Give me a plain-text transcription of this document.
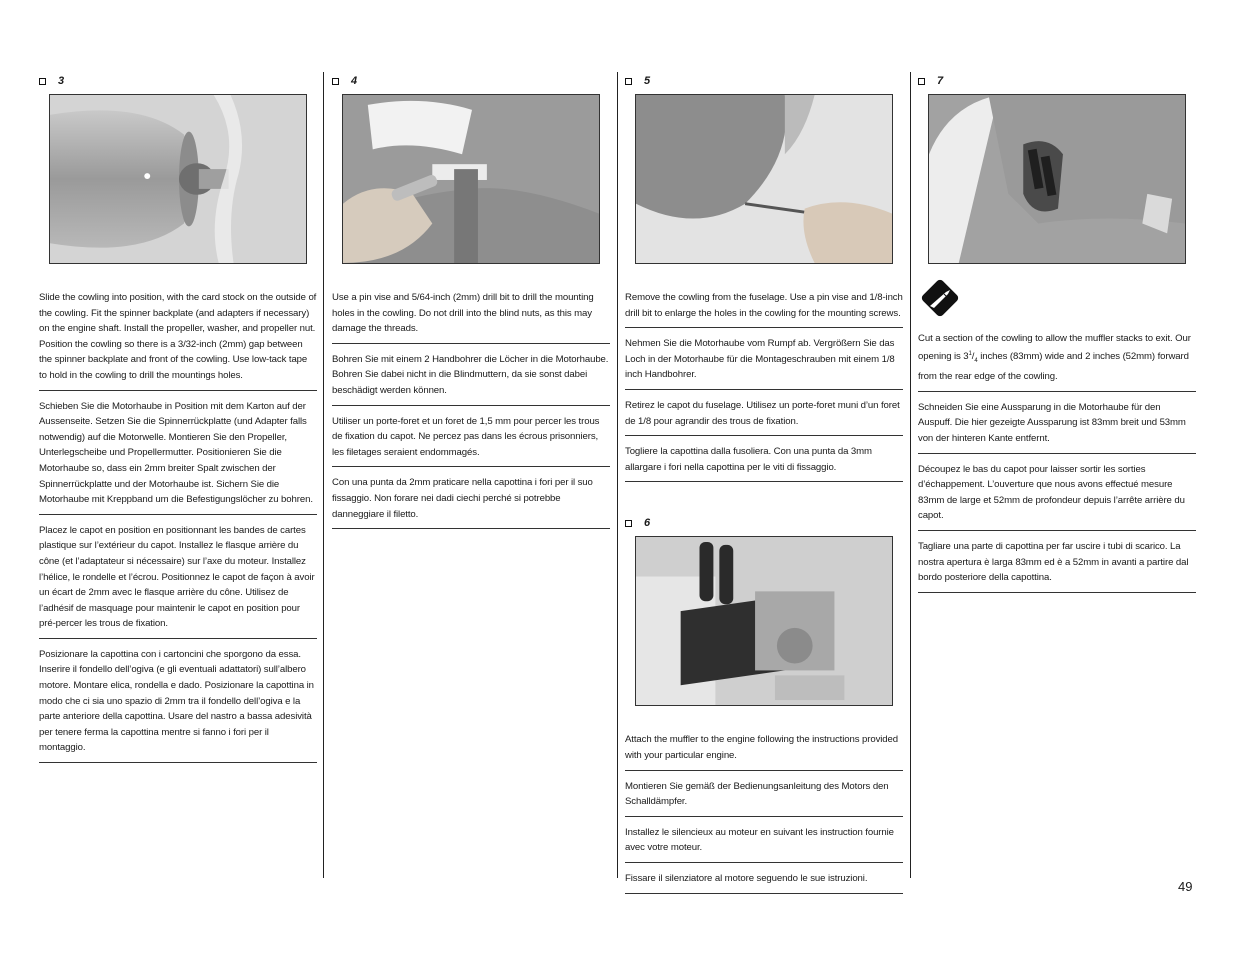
3
Slide the cowling into position, with the card stock on the outside of the cowling. Fit the spinner backplate (and adapters if necessary) on the engine shaft. Install the propeller, washer, and propeller nut. Position the cowling so there is a 3/32-inch (2mm) gap between the spinner backplate and front of the cowling. Use low-tack tape to hold in the cowling to drill the mountings holes.
Schieben Sie die Motorhaube in Position mit dem Karton auf der Aussenseite. Setzen Sie die Spinnerrückplatte (und Adapter falls notwendig) auf die Motorwelle. Montieren Sie den Propeller, Unterlegscheibe und Propellermutter. Positionieren Sie die Motorhaube so, dass ein 2mm breiter Spalt zwischen der Spinnerrückplatte und der Motorhaube ist. Sichern Sie die Motorhaube mit Kreppband um die Befestigungslöcher zu bohren.
Placez le capot en position en positionnant les bandes de cartes plastique sur l’extérieur du capot. Installez le flasque arrière du cône (et l’adaptateur si nécessaire) sur l’axe du moteur. Installez l’hélice, le rondelle et l’écrou. Positionnez le capot de façon à avoir un écart de 2mm avec le flasque arrière du cône. Utilisez de l’adhésif de masquage pour maintenir le capot en position pour pré-percer les trous de fixation.
Posizionare la capottina con i cartoncini che sporgono da essa. Inserire il fondello dell’ogiva (e gli eventuali adattatori) sull’albero motore. Montare elica, rondella e dado. Posizionare la capottina in modo che ci sia uno spazio di 2mm tra il fondello dell’ogiva e la parte anteriore della capottina. Usare del nastro a bassa adesività per tenere ferma la capottina mentre si fanno i fori per il montaggio.
4
Use a pin vise and 5/64-inch (2mm) drill bit to drill the mounting holes in the cowling. Do not drill into the blind nuts, as this may damage the threads.
Bohren Sie mit einem 2 Handbohrer die Löcher in die Motorhaube. Bohren Sie dabei nicht in die Blindmuttern, da sie sonst dabei beschädigt werden können.
Utiliser un porte-foret et un foret de 1,5 mm pour percer les trous de fixation du capot. Ne percez pas dans les écrous prisonniers, les filetages seraient endommagés.
Con una punta da 2mm praticare nella capottina i fori per il suo fissaggio. Non forare nei dadi ciechi perché si potrebbe danneggiare il filetto.
5
Remove the cowling from the fuselage. Use a pin vise and 1/8-inch drill bit to enlarge the holes in the cowling for the mounting screws.
Nehmen Sie die Motorhaube vom Rumpf ab. Vergrößern Sie das Loch in der Motorhaube für die Montageschrauben mit einem 1/8 inch Handbohrer.
Retirez le capot du fuselage. Utilisez un porte-foret muni d’un foret de 1/8 pour agrandir des trous de fixation.
Togliere la capottina dalla fusoliera. Con una punta da 3mm allargare i fori nella capottina per le viti di fissaggio.
6
Attach the muffler to the engine following the instructions provided with your particular engine.
Montieren Sie gemäß der Bedienungsanleitung des Motors den Schalldämpfer.
Installez le silencieux au moteur en suivant les instruction fournie avec votre moteur.
Fissare il silenziatore al motore seguendo le sue istruzioni.
7
Cut a section of the cowling to allow the muffler stacks to exit. Our opening is $3^1/_4$ inches (83mm) wide and 2 inches (52mm) forward from the rear edge of the cowling.
Schneiden Sie eine Aussparung in die Motorhaube für den Auspuff. Die hier gezeigte Aussparung ist 83mm breit und 53mm von der hinteren Kante entfernt.
Découpez le bas du capot pour laisser sortir les sorties d’échappement. L’ouverture que nous avons effectué mesure 83mm de large et 52mm de profondeur depuis l’arrête arrière du capot.
Tagliare una parte di capottina per far uscire i tubi di scarico. La nostra apertura è larga 83mm ed è a 52mm in avanti a partire dal bordo posteriore della capottina.
49
